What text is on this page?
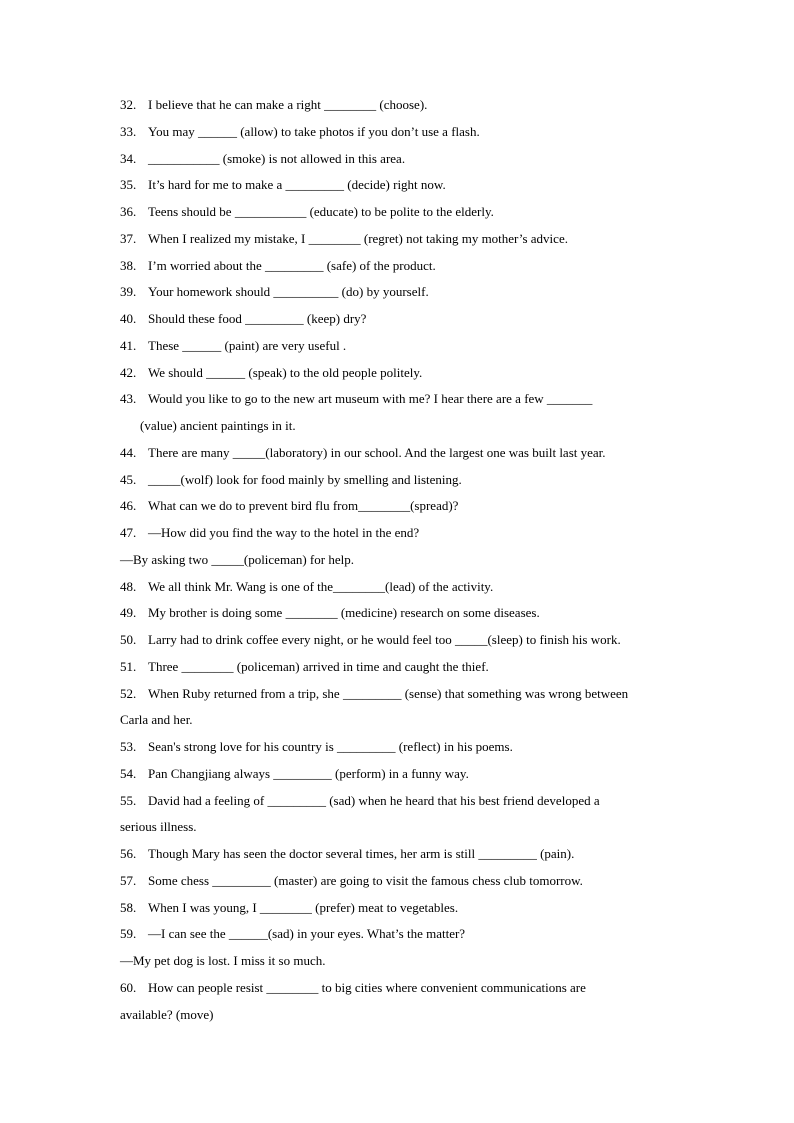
32. I believe that he can make a right ________ (choose).
33. You may ______ (allow) to take photos if you don’t use a flash.
34. ___________ (smoke) is not allowed in this area.
35. It’s hard for me to make a _________ (decide) right now.
36. Teens should be ___________ (educate) to be polite to the elderly.
37. When I realized my mistake, I ________ (regret) not taking my mother’s advice.
38. I’m worried about the _________ (safe) of the product.
39. Your homework should __________ (do) by yourself.
40. Should these food _________ (keep) dry?
41. These ______ (paint) are very useful .
42. We should ______ (speak) to the old people politely.
43. Would you like to go to the new art museum with me? I hear there are a few _______
(value) ancient paintings in it.
44. There are many _____(laboratory) in our school. And the largest one was built last year.
45. _____(wolf) look for food mainly by smelling and listening.
46. What can we do to prevent bird flu from________(spread)?
47. —How did you find the way to the hotel in the end?
—By asking two _____(policeman) for help.
48. We all think Mr. Wang is one of the________(lead) of the activity.
49. My brother is doing some ________ (medicine) research on some diseases.
50. Larry had to drink coffee every night, or he would feel too _____(sleep) to finish his work.
51. Three ________ (policeman) arrived in time and caught the thief.
52. When Ruby returned from a trip, she _________ (sense) that something was wrong between
Carla and her.
53. Sean's strong love for his country is _________ (reflect) in his poems.
54. Pan Changjiang always _________ (perform) in a funny way.
55. David had a feeling of _________ (sad) when he heard that his best friend developed a
serious illness.
56. Though Mary has seen the doctor several times, her arm is still _________ (pain).
57. Some chess _________ (master) are going to visit the famous chess club tomorrow.
58. When I was young, I ________ (prefer) meat to vegetables.
59. —I can see the ______(sad) in your eyes. What’s the matter?
—My pet dog is lost. I miss it so much.
60. How can people resist ________ to big cities where convenient communications are
available? (move)
